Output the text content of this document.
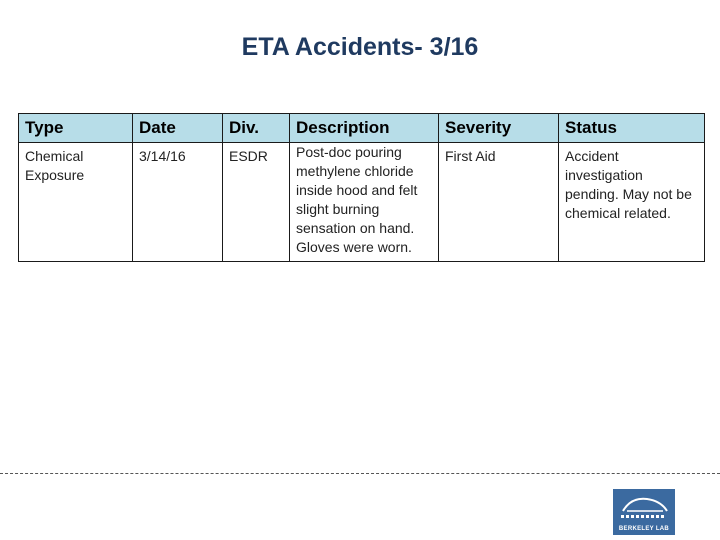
ETA Accidents- 3/16
Type	Date	Div.	Description	Severity	Status
Chemical Exposure	3/14/16	ESDR	Post-doc pouring methylene chloride inside hood and felt slight burning sensation on hand. Gloves were worn.	First Aid	Accident investigation pending. May not be chemical related.
BERKELEY LAB
